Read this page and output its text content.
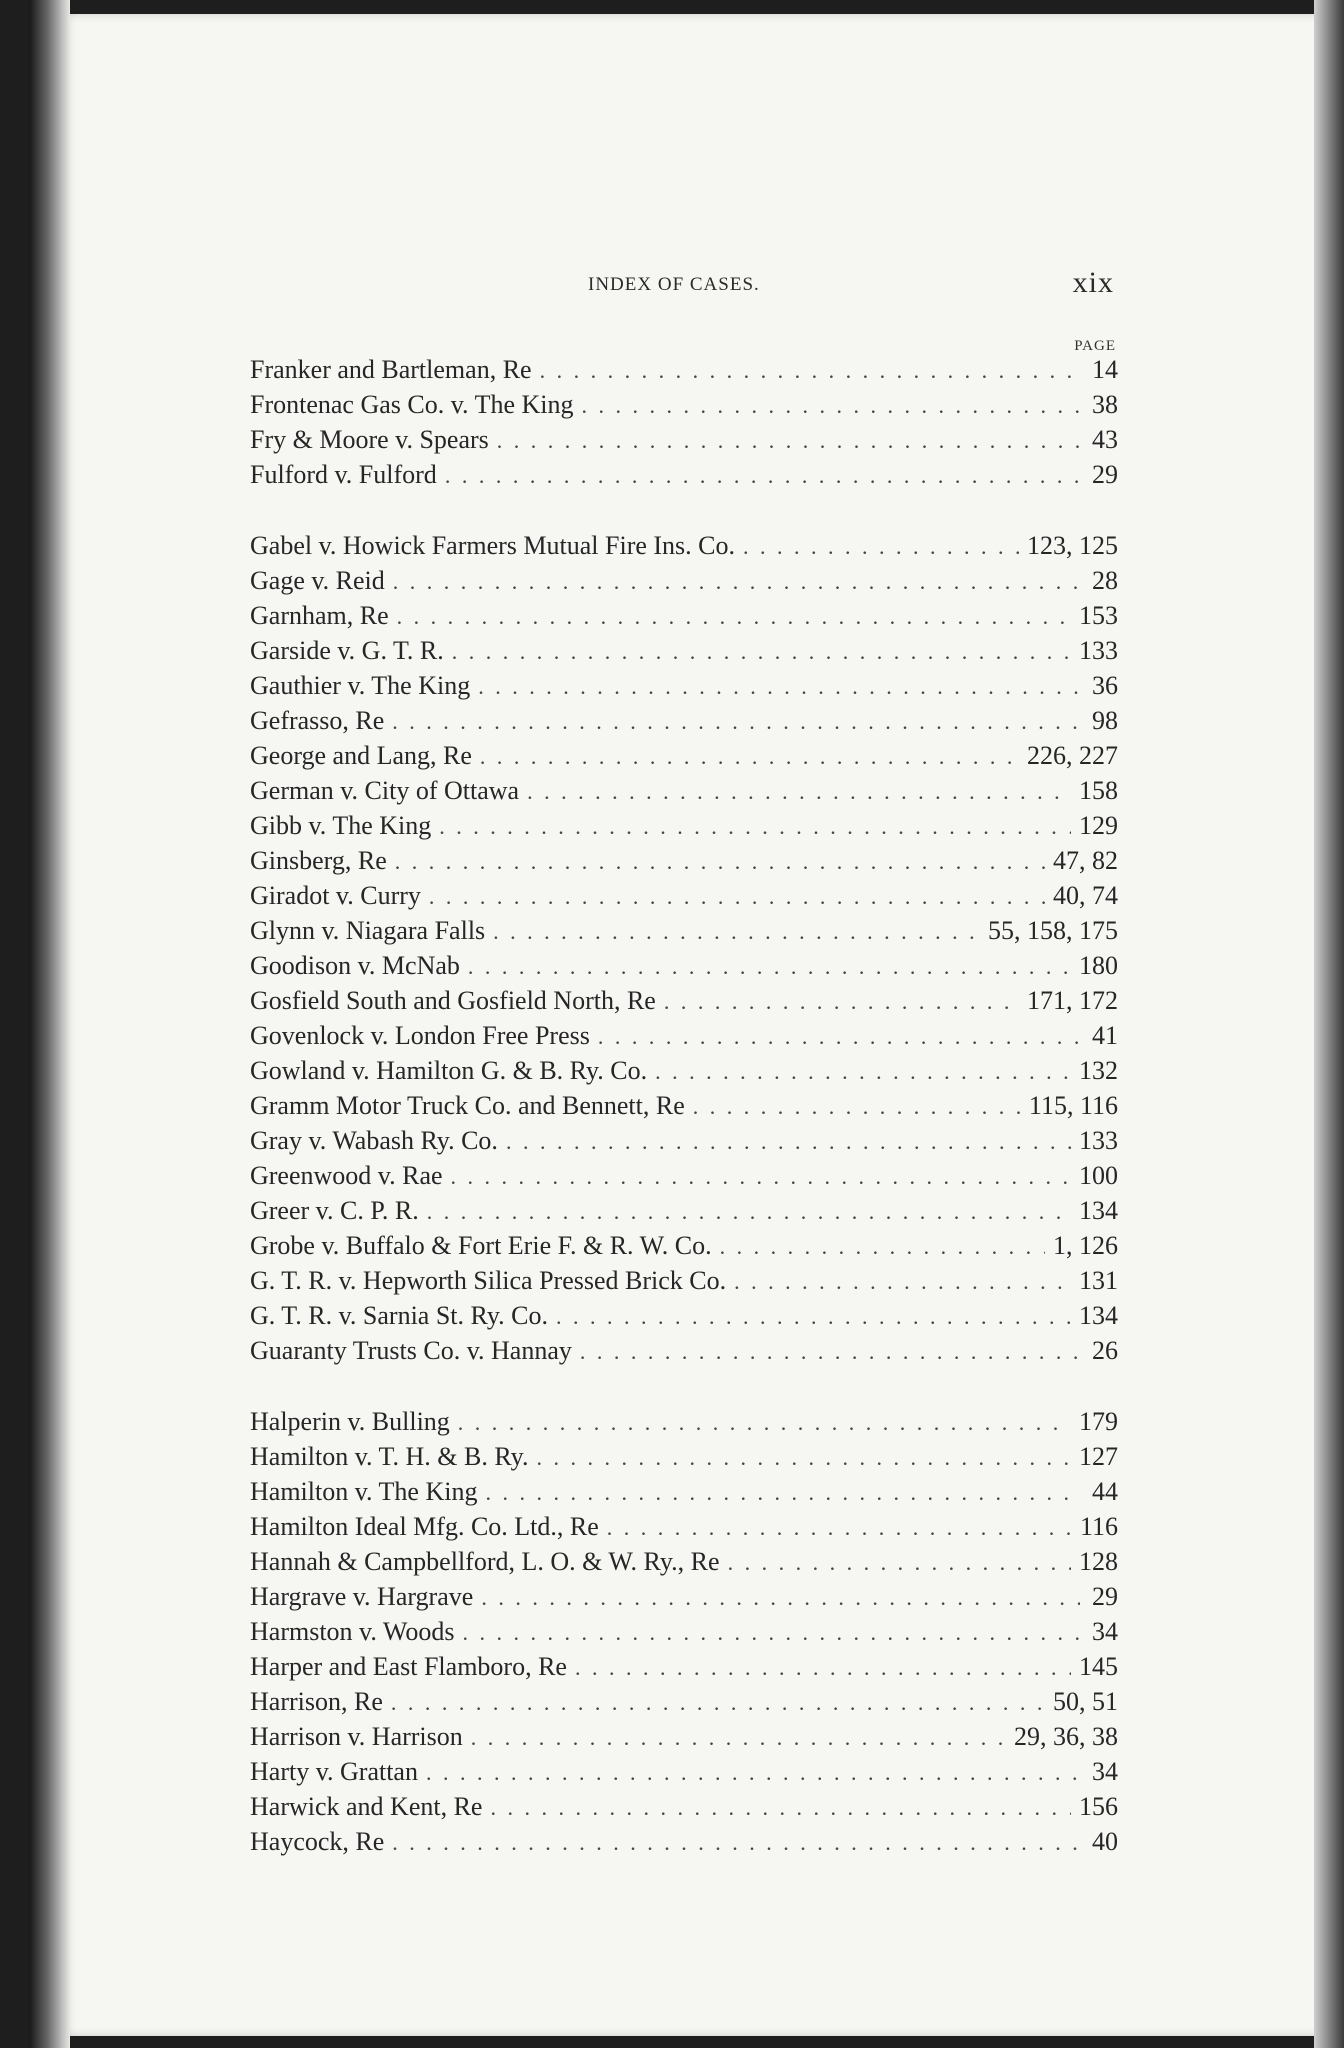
INDEX OF CASES.	xix
PAGE
Franker and Bartleman, Re . . .	14
Frontenac Gas Co. v. The King . . .	38
Fry & Moore v. Spears . . .	43
Fulford v. Fulford . . .	29
Gabel v. Howick Farmers Mutual Fire Ins. Co. . . .	123, 125
Gage v. Reid . . .	28
Garnham, Re . . .	153
Garside v. G. T. R. . . .	133
Gauthier v. The King . . .	36
Gefrasso, Re . . .	98
George and Lang, Re . . .	226, 227
German v. City of Ottawa . . .	158
Gibb v. The King . . .	129
Ginsberg, Re . . .	47, 82
Giradot v. Curry . . .	40, 74
Glynn v. Niagara Falls . . .	55, 158, 175
Goodison v. McNab . . .	180
Gosfield South and Gosfield North, Re . . .	171, 172
Govenlock v. London Free Press . . .	41
Gowland v. Hamilton G. & B. Ry. Co. . . .	132
Gramm Motor Truck Co. and Bennett, Re . . .	115, 116
Gray v. Wabash Ry. Co. . . .	133
Greenwood v. Rae . . .	100
Greer v. C. P. R. . . .	134
Grobe v. Buffalo & Fort Erie F. & R. W. Co. . . .	1, 126
G. T. R. v. Hepworth Silica Pressed Brick Co. . . .	131
G. T. R. v. Sarnia St. Ry. Co. . . .	134
Guaranty Trusts Co. v. Hannay . . .	26
Halperin v. Bulling . . .	179
Hamilton v. T. H. & B. Ry. . . .	127
Hamilton v. The King . . .	44
Hamilton Ideal Mfg. Co. Ltd., Re . . .	116
Hannah & Campbellford, L. O. & W. Ry., Re . . .	128
Hargrave v. Hargrave . . .	29
Harmston v. Woods . . .	34
Harper and East Flamboro, Re . . .	145
Harrison, Re . . .	50, 51
Harrison v. Harrison . . .	29, 36, 38
Harty v. Grattan . . .	34
Harwick and Kent, Re . . .	156
Haycock, Re . . .	40
